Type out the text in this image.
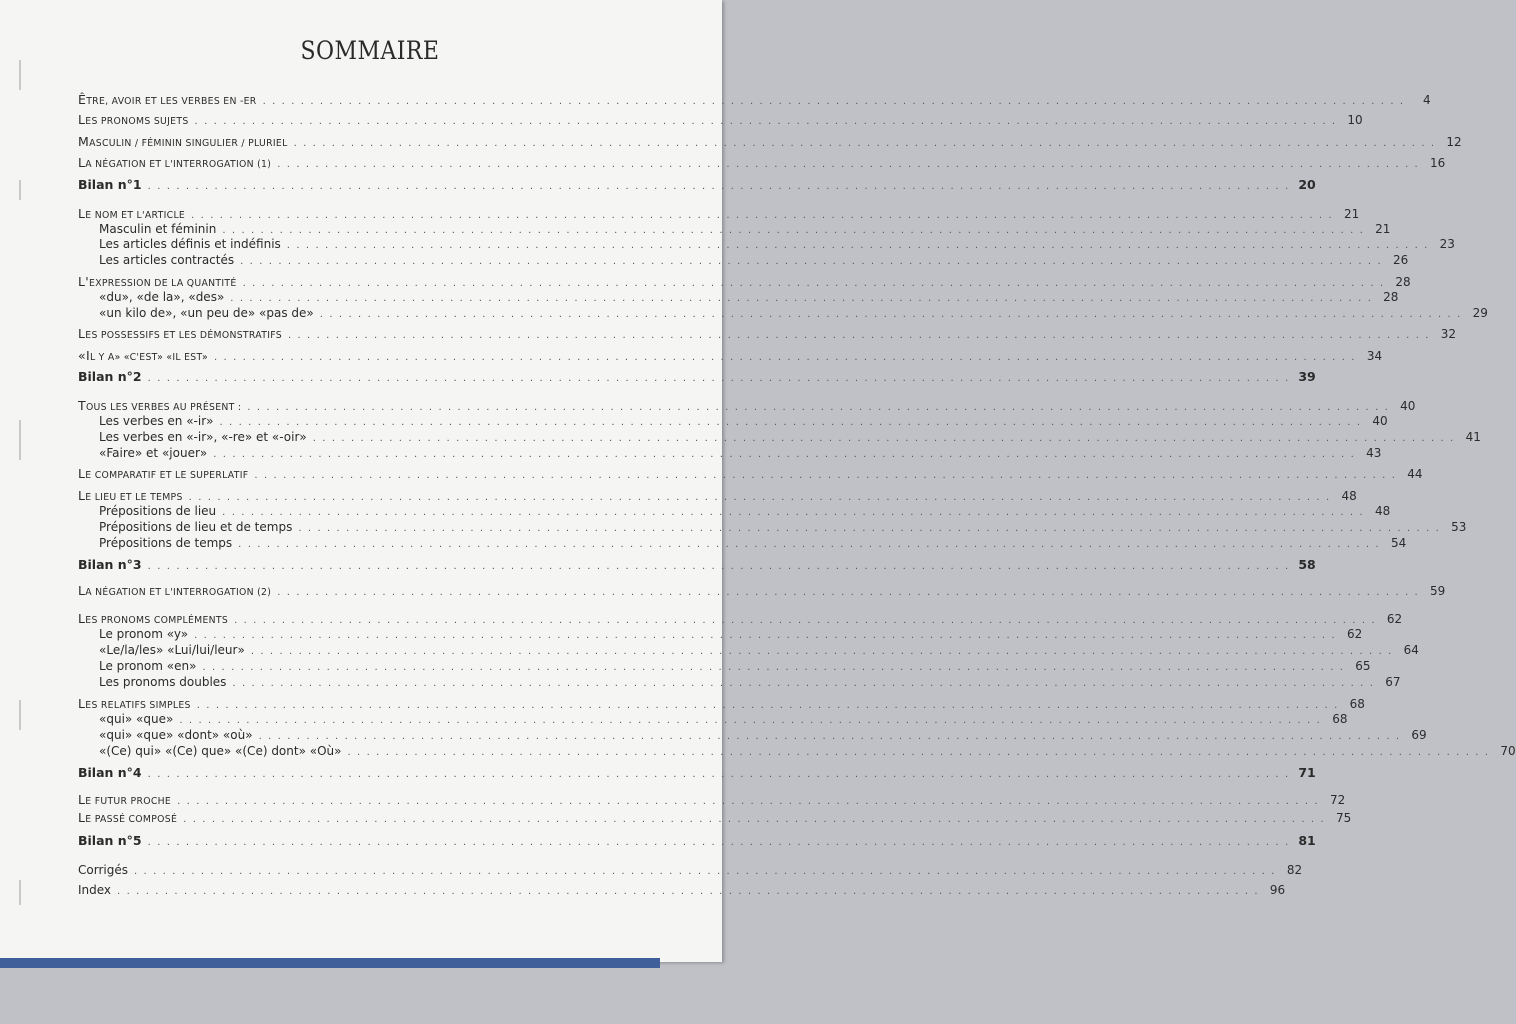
SOMMAIRE
ÊTRE, AVOIR ET LES VERBES EN -ER . . . . . . . . . . . . . . . . . . . . . . . . . . . . . . . . . . . . . . . . . . . . . . . . . . . . . . . . . . . . . . . . . . . . . . . . . . . . . . . . . . . . . . . . . . . . . . . . . . . . . . . . . . . . . . . . . . . . . . . .	4
LES PRONOMS SUJETS . . . . . . . . . . . . . . . . . . . . . . . . . . . . . . . . . . . . . . . . . . . . . . . . . . . . . . . . . . . . . . . . . . . . . . . . . . . . . . . . . . . . . . . . . . . . . . . . . . . . . . . . . . . . . . . . . . . . . . . . 10
MASCULIN / FÉMININ SINGULIER / PLURIEL . . . . . . . . . . . . . . . . . . . . . . . . . . . . . . . . . . . . . . . . . . . . . . . . . . . . . . . . . . . . . . . . . . . . . . . . . . . . . . . . . . . . . . . . . . . . . . . . . . . . . . . . . . . . . . . . . . . . . . . . 12
LA NÉGATION ET L'INTERROGATION (1) . . . . . . . . . . . . . . . . . . . . . . . . . . . . . . . . . . . . . . . . . . . . . . . . . . . . . . . . . . . . . . . . . . . . . . . . . . . . . . . . . . . . . . . . . . . . . . . . . . . . . . . . . . . . . . . . . . . . . . . . 16
Bilan n°1 . . . . . . . . . . . . . . . . . . . . . . . . . . . . . . . . . . . . . . . . . . . . . . . . . . . . . . . . . . . . . . . . . . . . . . . . . . . . . . . . . . . . . . . . . . . . . . . . . . . . . . . . . . . . . . . . . . . . . . . . 20
LE NOM ET L'ARTICLE . . . . . . . . . . . . . . . . . . . . . . . . . . . . . . . . . . . . . . . . . . . . . . . . . . . . . . . . . . . . . . . . . . . . . . . . . . . . . . . . . . . . . . . . . . . . . . . . . . . . . . . . . . . . . . . . . . . . . . . . 21
Masculin et féminin . . . . . . . . . . . . . . . . . . . . . . . . . . . . . . . . . . . . . . . . . . . . . . . . . . . . . . . . . . . . . . . . . . . . . . . . . . . . . . . . . . . . . . . . . . . . . . . . . . . . . . . . . . . . . . . . . . . . . . . . 21
Les articles définis et indéfinis . . . . . . . . . . . . . . . . . . . . . . . . . . . . . . . . . . . . . . . . . . . . . . . . . . . . . . . . . . . . . . . . . . . . . . . . . . . . . . . . . . . . . . . . . . . . . . . . . . . . . . . . . . . . . . . . . . . . . . . . 23
Les articles contractés . . . . . . . . . . . . . . . . . . . . . . . . . . . . . . . . . . . . . . . . . . . . . . . . . . . . . . . . . . . . . . . . . . . . . . . . . . . . . . . . . . . . . . . . . . . . . . . . . . . . . . . . . . . . . . . . . . . . . . . . 26
L'EXPRESSION DE LA QUANTITÉ . . . . . . . . . . . . . . . . . . . . . . . . . . . . . . . . . . . . . . . . . . . . . . . . . . . . . . . . . . . . . . . . . . . . . . . . . . . . . . . . . . . . . . . . . . . . . . . . . . . . . . . . . . . . . . . . . . . . . . . . 28
«du», «de la», «des» . . . . . . . . . . . . . . . . . . . . . . . . . . . . . . . . . . . . . . . . . . . . . . . . . . . . . . . . . . . . . . . . . . . . . . . . . . . . . . . . . . . . . . . . . . . . . . . . . . . . . . . . . . . . . . . . . . . . . . . . 28
«un kilo de», «un peu de» «pas de» . . . . . . . . . . . . . . . . . . . . . . . . . . . . . . . . . . . . . . . . . . . . . . . . . . . . . . . . . . . . . . . . . . . . . . . . . . . . . . . . . . . . . . . . . . . . . . . . . . . . . . . . . . . . . . . . . . . . . . . . 29
LES POSSESSIFS ET LES DÉMONSTRATIFS . . . . . . . . . . . . . . . . . . . . . . . . . . . . . . . . . . . . . . . . . . . . . . . . . . . . . . . . . . . . . . . . . . . . . . . . . . . . . . . . . . . . . . . . . . . . . . . . . . . . . . . . . . . . . . . . . . . . . . . . 32
«IL Y A» «C'EST» «IL EST» . . . . . . . . . . . . . . . . . . . . . . . . . . . . . . . . . . . . . . . . . . . . . . . . . . . . . . . . . . . . . . . . . . . . . . . . . . . . . . . . . . . . . . . . . . . . . . . . . . . . . . . . . . . . . . . . . . . . . . . . 34
Bilan n°2 . . . . . . . . . . . . . . . . . . . . . . . . . . . . . . . . . . . . . . . . . . . . . . . . . . . . . . . . . . . . . . . . . . . . . . . . . . . . . . . . . . . . . . . . . . . . . . . . . . . . . . . . . . . . . . . . . . . . . . . . 39
TOUS LES VERBES AU PRÉSENT : . . . . . . . . . . . . . . . . . . . . . . . . . . . . . . . . . . . . . . . . . . . . . . . . . . . . . . . . . . . . . . . . . . . . . . . . . . . . . . . . . . . . . . . . . . . . . . . . . . . . . . . . . . . . . . . . . . . . . . . . 40
Les verbes en «-ir» . . . . . . . . . . . . . . . . . . . . . . . . . . . . . . . . . . . . . . . . . . . . . . . . . . . . . . . . . . . . . . . . . . . . . . . . . . . . . . . . . . . . . . . . . . . . . . . . . . . . . . . . . . . . . . . . . . . . . . . . 40
Les verbes en «-ir», «-re» et «-oir» . . . . . . . . . . . . . . . . . . . . . . . . . . . . . . . . . . . . . . . . . . . . . . . . . . . . . . . . . . . . . . . . . . . . . . . . . . . . . . . . . . . . . . . . . . . . . . . . . . . . . . . . . . . . . . . . . . . . . . . . 41
«Faire» et «jouer» . . . . . . . . . . . . . . . . . . . . . . . . . . . . . . . . . . . . . . . . . . . . . . . . . . . . . . . . . . . . . . . . . . . . . . . . . . . . . . . . . . . . . . . . . . . . . . . . . . . . . . . . . . . . . . . . . . . . . . . . 43
LE COMPARATIF ET LE SUPERLATIF . . . . . . . . . . . . . . . . . . . . . . . . . . . . . . . . . . . . . . . . . . . . . . . . . . . . . . . . . . . . . . . . . . . . . . . . . . . . . . . . . . . . . . . . . . . . . . . . . . . . . . . . . . . . . . . . . . . . . . . . 44
LE LIEU ET LE TEMPS . . . . . . . . . . . . . . . . . . . . . . . . . . . . . . . . . . . . . . . . . . . . . . . . . . . . . . . . . . . . . . . . . . . . . . . . . . . . . . . . . . . . . . . . . . . . . . . . . . . . . . . . . . . . . . . . . . . . . . . . 48
Prépositions de lieu . . . . . . . . . . . . . . . . . . . . . . . . . . . . . . . . . . . . . . . . . . . . . . . . . . . . . . . . . . . . . . . . . . . . . . . . . . . . . . . . . . . . . . . . . . . . . . . . . . . . . . . . . . . . . . . . . . . . . . . . 48
Prépositions de lieu et de temps . . . . . . . . . . . . . . . . . . . . . . . . . . . . . . . . . . . . . . . . . . . . . . . . . . . . . . . . . . . . . . . . . . . . . . . . . . . . . . . . . . . . . . . . . . . . . . . . . . . . . . . . . . . . . . . . . . . . . . . . 53
Prépositions de temps . . . . . . . . . . . . . . . . . . . . . . . . . . . . . . . . . . . . . . . . . . . . . . . . . . . . . . . . . . . . . . . . . . . . . . . . . . . . . . . . . . . . . . . . . . . . . . . . . . . . . . . . . . . . . . . . . . . . . . . . 54
Bilan n°3 . . . . . . . . . . . . . . . . . . . . . . . . . . . . . . . . . . . . . . . . . . . . . . . . . . . . . . . . . . . . . . . . . . . . . . . . . . . . . . . . . . . . . . . . . . . . . . . . . . . . . . . . . . . . . . . . . . . . . . . . 58
LA NÉGATION ET L'INTERROGATION (2) . . . . . . . . . . . . . . . . . . . . . . . . . . . . . . . . . . . . . . . . . . . . . . . . . . . . . . . . . . . . . . . . . . . . . . . . . . . . . . . . . . . . . . . . . . . . . . . . . . . . . . . . . . . . . . . . . . . . . . . . 59
LES PRONOMS COMPLÉMENTS . . . . . . . . . . . . . . . . . . . . . . . . . . . . . . . . . . . . . . . . . . . . . . . . . . . . . . . . . . . . . . . . . . . . . . . . . . . . . . . . . . . . . . . . . . . . . . . . . . . . . . . . . . . . . . . . . . . . . . . . 62
Le pronom «y» . . . . . . . . . . . . . . . . . . . . . . . . . . . . . . . . . . . . . . . . . . . . . . . . . . . . . . . . . . . . . . . . . . . . . . . . . . . . . . . . . . . . . . . . . . . . . . . . . . . . . . . . . . . . . . . . . . . . . . . . 62
«Le/la/les» «Lui/lui/leur» . . . . . . . . . . . . . . . . . . . . . . . . . . . . . . . . . . . . . . . . . . . . . . . . . . . . . . . . . . . . . . . . . . . . . . . . . . . . . . . . . . . . . . . . . . . . . . . . . . . . . . . . . . . . . . . . . . . . . . . . 64
Le pronom «en» . . . . . . . . . . . . . . . . . . . . . . . . . . . . . . . . . . . . . . . . . . . . . . . . . . . . . . . . . . . . . . . . . . . . . . . . . . . . . . . . . . . . . . . . . . . . . . . . . . . . . . . . . . . . . . . . . . . . . . . . 65
Les pronoms doubles . . . . . . . . . . . . . . . . . . . . . . . . . . . . . . . . . . . . . . . . . . . . . . . . . . . . . . . . . . . . . . . . . . . . . . . . . . . . . . . . . . . . . . . . . . . . . . . . . . . . . . . . . . . . . . . . . . . . . . . . 67
LES RELATIFS SIMPLES . . . . . . . . . . . . . . . . . . . . . . . . . . . . . . . . . . . . . . . . . . . . . . . . . . . . . . . . . . . . . . . . . . . . . . . . . . . . . . . . . . . . . . . . . . . . . . . . . . . . . . . . . . . . . . . . . . . . . . . . 68
«qui» «que» . . . . . . . . . . . . . . . . . . . . . . . . . . . . . . . . . . . . . . . . . . . . . . . . . . . . . . . . . . . . . . . . . . . . . . . . . . . . . . . . . . . . . . . . . . . . . . . . . . . . . . . . . . . . . . . . . . . . . . . . 68
«qui» «que» «dont» «où» . . . . . . . . . . . . . . . . . . . . . . . . . . . . . . . . . . . . . . . . . . . . . . . . . . . . . . . . . . . . . . . . . . . . . . . . . . . . . . . . . . . . . . . . . . . . . . . . . . . . . . . . . . . . . . . . . . . . . . . . 69
«(Ce) qui» «(Ce) que» «(Ce) dont» «Où» . . . . . . . . . . . . . . . . . . . . . . . . . . . . . . . . . . . . . . . . . . . . . . . . . . . . . . . . . . . . . . . . . . . . . . . . . . . . . . . . . . . . . . . . . . . . . . . . . . . . . . . . . . . . . . . . . . . . . . . . 70
Bilan n°4 . . . . . . . . . . . . . . . . . . . . . . . . . . . . . . . . . . . . . . . . . . . . . . . . . . . . . . . . . . . . . . . . . . . . . . . . . . . . . . . . . . . . . . . . . . . . . . . . . . . . . . . . . . . . . . . . . . . . . . . . 71
LE FUTUR PROCHE . . . . . . . . . . . . . . . . . . . . . . . . . . . . . . . . . . . . . . . . . . . . . . . . . . . . . . . . . . . . . . . . . . . . . . . . . . . . . . . . . . . . . . . . . . . . . . . . . . . . . . . . . . . . . . . . . . . . . . . . 72
LE PASSÉ COMPOSÉ . . . . . . . . . . . . . . . . . . . . . . . . . . . . . . . . . . . . . . . . . . . . . . . . . . . . . . . . . . . . . . . . . . . . . . . . . . . . . . . . . . . . . . . . . . . . . . . . . . . . . . . . . . . . . . . . . . . . . . . . 75
Bilan n°5 . . . . . . . . . . . . . . . . . . . . . . . . . . . . . . . . . . . . . . . . . . . . . . . . . . . . . . . . . . . . . . . . . . . . . . . . . . . . . . . . . . . . . . . . . . . . . . . . . . . . . . . . . . . . . . . . . . . . . . . . 81
Corrigés . . . . . . . . . . . . . . . . . . . . . . . . . . . . . . . . . . . . . . . . . . . . . . . . . . . . . . . . . . . . . . . . . . . . . . . . . . . . . . . . . . . . . . . . . . . . . . . . . . . . . . . . . . . . . . . . . . . . . . . . 82
Index . . . . . . . . . . . . . . . . . . . . . . . . . . . . . . . . . . . . . . . . . . . . . . . . . . . . . . . . . . . . . . . . . . . . . . . . . . . . . . . . . . . . . . . . . . . . . . . . . . . . . . . . . . . . . . . . . . . . . . . . 96
